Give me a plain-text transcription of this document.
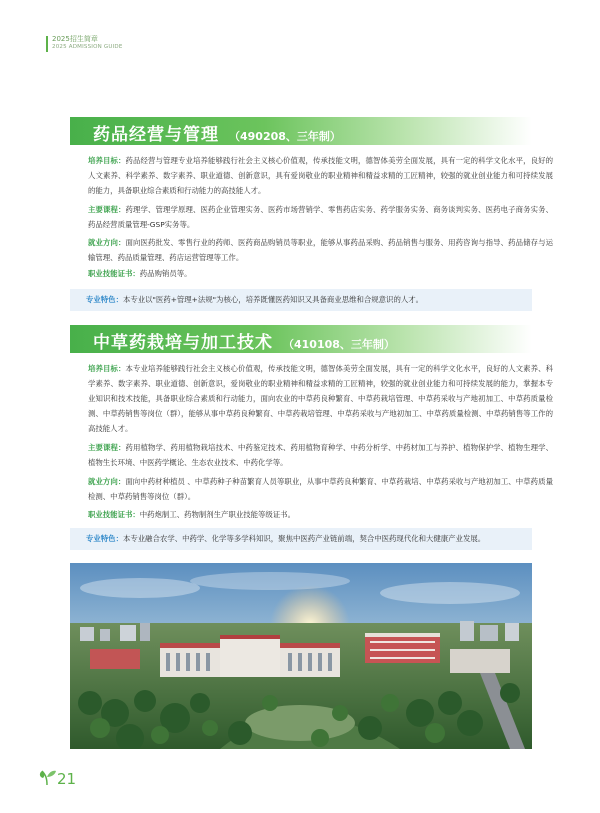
2025招生简章
2025 ADMISSION GUIDE
药品经营与管理 （490208、三年制）
培养目标：药品经营与管理专业培养能够践行社会主义核心价值观，传承技能文明，德智体美劳全面发展，具有一定的科学文化水平，良好的人文素养、科学素养、数字素养、职业道德、创新意识，具有爱岗敬业的职业精神和精益求精的工匠精神，较强的就业创业能力和可持续发展的能力，具备职业综合素质和行动能力的高技能人才。
主要课程：药理学、管理学原理、医药企业管理实务、医药市场营销学、零售药店实务、药学服务实务、商务谈判实务、医药电子商务实务、药品经营质量管理-GSP实务等。
就业方向：面向医药批发、零售行业的药师、医药商品购销员等职业，能够从事药品采购、药品销售与服务、用药咨询与指导、药品储存与运输管理、药品质量管理、药店运营管理等工作。
职业技能证书：药品购销员等。
专业特色：本专业以"医药+管理+法规"为核心，培养既懂医药知识又具备商业思维和合规意识的人才。
中草药栽培与加工技术 （410108、三年制）
培养目标：本专业培养能够践行社会主义核心价值观，传承技能文明，德智体美劳全面发展，具有一定的科学文化水平，良好的人文素养、科学素养、数字素养、职业道德、创新意识，爱岗敬业的职业精神和精益求精的工匠精神，较强的就业创业能力和可持续发展的能力，掌握本专业知识和技术技能，具备职业综合素质和行动能力，面向农业的中草药良种繁育、中草药栽培管理、中草药采收与产地初加工、中草药质量检测、中草药销售等岗位（群），能够从事中草药良种繁育、中草药栽培管理、中草药采收与产地初加工、中草药质量检测、中草药销售等工作的高技能人才。
主要课程：药用植物学、药用植物栽培技术、中药鉴定技术、药用植物育种学、中药分析学、中药材加工与养护、植物保护学、植物生理学、植物生长环境、中医药学概论、生态农业技术、中药化学等。
就业方向：面向中药材种植员 、中草药种子种苗繁育人员等职业，从事中草药良种繁育、中草药栽培、中草药采收与产地初加工、中草药质量检测、中草药销售等岗位（群）。
职业技能证书：中药炮制工、药物制剂生产职业技能等级证书。
专业特色：本专业融合农学、中药学、化学等多学科知识，聚焦中医药产业链前端，契合中医药现代化和大健康产业发展。
21
